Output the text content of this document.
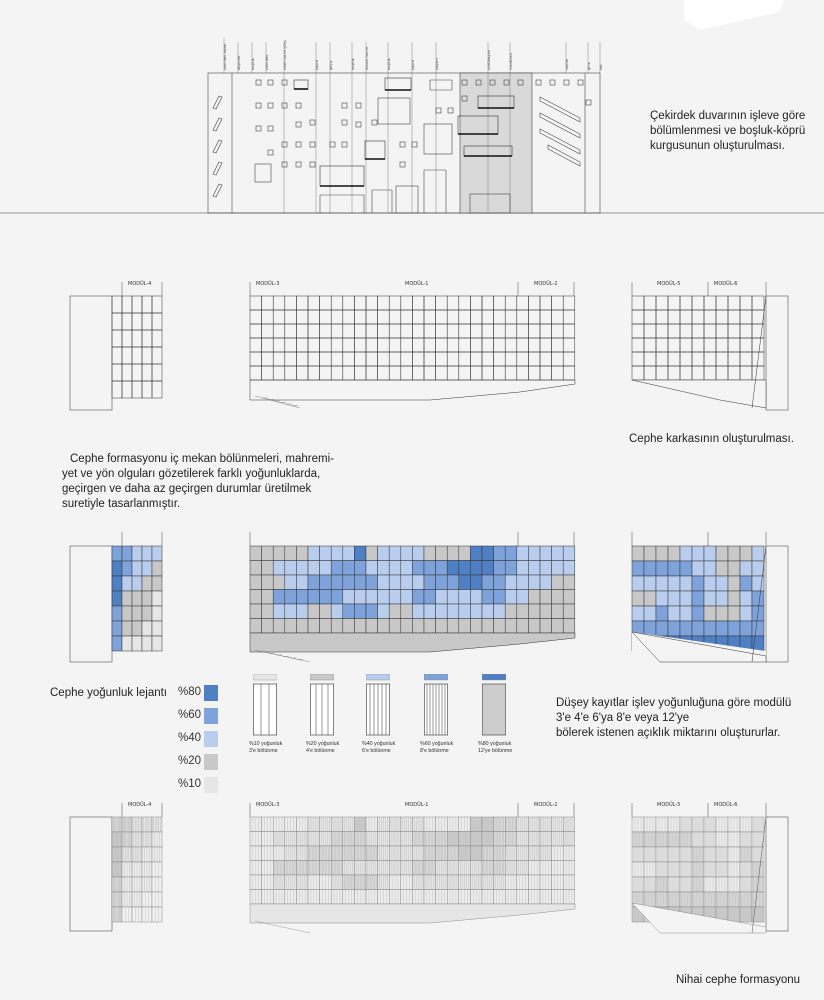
çekirdek duvar	döşeme	boşluk	çekirdek	ıslak hacim girişi	köprü	geçiş	boşluk	teknik hacim	boşluk	köprü	yaşam	sirkülasyon	merdiven	cephe	giriş kat
Çekirdek duvarının işleve göre
bölümlenmesi ve boşluk-köprü
kurgusunun oluşturulması.
MODÜL-4	MODÜL-3	MODÜL-1	MODÜL-2	MODÜL-5	MODÜL-6
Cephe karkasının oluşturulması.
Cephe formasyonu iç mekan bölünmeleri, mahremi-
yet ve yön olguları gözetilerek farklı yoğunluklarda,
geçirgen ve daha az geçirgen durumlar üretilmek
suretiyle tasarlanmıştır.
Cephe yoğunluk lejantı %80
%60
%40
%20
%10
%10 yoğunluk
3'e bölünme
%20 yoğunluk
4'e bölünme
%40 yoğunluk
6'e bölünme
%60 yoğunluk
8'e bölünme
%80 yoğunluk
12'ye bölünme
Düşey kayıtlar işlev yoğunluğuna göre modülü
3'e 4'e 6'ya 8'e veya 12'ye
bölerek istenen açıklık miktarını oluştururlar.
MODÜL-4	MODÜL-3	MODÜL-1	MODÜL-2	MODÜL-5	MODÜL-6
Nihai cephe formasyonu
